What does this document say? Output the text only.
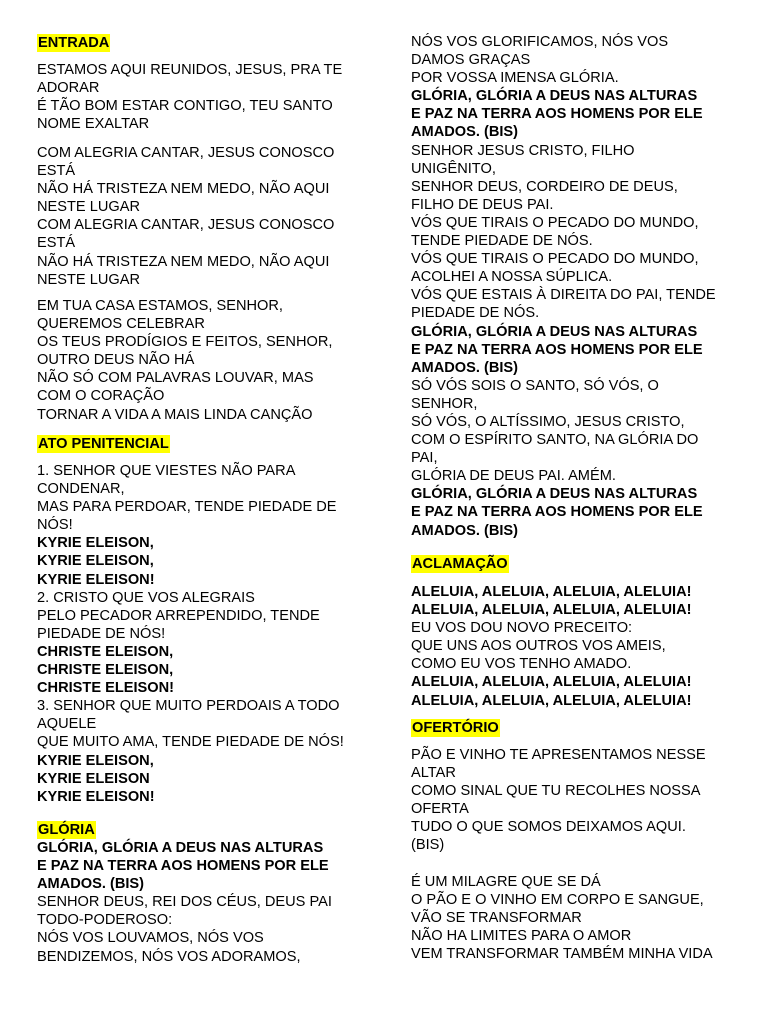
ENTRADA
ESTAMOS AQUI REUNIDOS, JESUS, PRA TE
ADORAR
É TÃO BOM ESTAR CONTIGO, TEU SANTO
NOME EXALTAR
COM ALEGRIA CANTAR, JESUS CONOSCO
ESTÁ
NÃO HÁ TRISTEZA NEM MEDO, NÃO AQUI
NESTE LUGAR
COM ALEGRIA CANTAR, JESUS CONOSCO
ESTÁ
NÃO HÁ TRISTEZA NEM MEDO, NÃO AQUI
NESTE LUGAR
EM TUA CASA ESTAMOS, SENHOR,
QUEREMOS CELEBRAR
OS TEUS PRODÍGIOS E FEITOS, SENHOR,
OUTRO DEUS NÃO HÁ
NÃO SÓ COM PALAVRAS LOUVAR, MAS
COM O CORAÇÃO
TORNAR A VIDA A MAIS LINDA CANÇÃO
ATO PENITENCIAL
1. SENHOR QUE VIESTES NÃO PARA
CONDENAR,
MAS PARA PERDOAR, TENDE PIEDADE DE
NÓS!
KYRIE ELEISON,
KYRIE ELEISON,
KYRIE ELEISON!
2. CRISTO QUE VOS ALEGRAIS
PELO PECADOR ARREPENDIDO, TENDE
PIEDADE DE NÓS!
CHRISTE ELEISON,
CHRISTE ELEISON,
CHRISTE ELEISON!
3. SENHOR QUE MUITO PERDOAIS A TODO
AQUELE
QUE MUITO AMA, TENDE PIEDADE DE NÓS!
KYRIE ELEISON,
KYRIE ELEISON
KYRIE ELEISON!
GLÓRIA
GLÓRIA, GLÓRIA A DEUS NAS ALTURAS
E PAZ NA TERRA AOS HOMENS POR ELE
AMADOS. (BIS)
SENHOR DEUS, REI DOS CÉUS, DEUS PAI
TODO-PODEROSO:
NÓS VOS LOUVAMOS, NÓS VOS
BENDIZEMOS, NÓS VOS ADORAMOS,
NÓS VOS GLORIFICAMOS, NÓS VOS
DAMOS GRAÇAS
POR VOSSA IMENSA GLÓRIA.
GLÓRIA, GLÓRIA A DEUS NAS ALTURAS
E PAZ NA TERRA AOS HOMENS POR ELE
AMADOS. (BIS)
SENHOR JESUS CRISTO, FILHO
UNIGÊNITO,
SENHOR DEUS, CORDEIRO DE DEUS,
FILHO DE DEUS PAI.
VÓS QUE TIRAIS O PECADO DO MUNDO,
TENDE PIEDADE DE NÓS.
VÓS QUE TIRAIS O PECADO DO MUNDO,
ACOLHEI A NOSSA SÚPLICA.
VÓS QUE ESTAIS À DIREITA DO PAI, TENDE
PIEDADE DE NÓS.
GLÓRIA, GLÓRIA A DEUS NAS ALTURAS
E PAZ NA TERRA AOS HOMENS POR ELE
AMADOS. (BIS)
SÓ VÓS SOIS O SANTO, SÓ VÓS, O
SENHOR,
SÓ VÓS, O ALTÍSSIMO, JESUS CRISTO,
COM O ESPÍRITO SANTO, NA GLÓRIA DO
PAI,
GLÓRIA DE DEUS PAI. AMÉM.
GLÓRIA, GLÓRIA A DEUS NAS ALTURAS
E PAZ NA TERRA AOS HOMENS POR ELE
AMADOS. (BIS)
ACLAMAÇÃO
ALELUIA, ALELUIA, ALELUIA, ALELUIA!
ALELUIA, ALELUIA, ALELUIA, ALELUIA!
EU VOS DOU NOVO PRECEITO:
QUE UNS AOS OUTROS VOS AMEIS,
COMO EU VOS TENHO AMADO.
ALELUIA, ALELUIA, ALELUIA, ALELUIA!
ALELUIA, ALELUIA, ALELUIA, ALELUIA!
OFERTÓRIO
PÃO E VINHO TE APRESENTAMOS NESSE
ALTAR
COMO SINAL QUE TU RECOLHES NOSSA
OFERTA
TUDO O QUE SOMOS DEIXAMOS AQUI.
(BIS)
É UM MILAGRE QUE SE DÁ
O PÃO E O VINHO EM CORPO E SANGUE,
VÃO SE TRANSFORMAR
NÃO HA LIMITES PARA O AMOR
VEM TRANSFORMAR TAMBÉM MINHA VIDA
